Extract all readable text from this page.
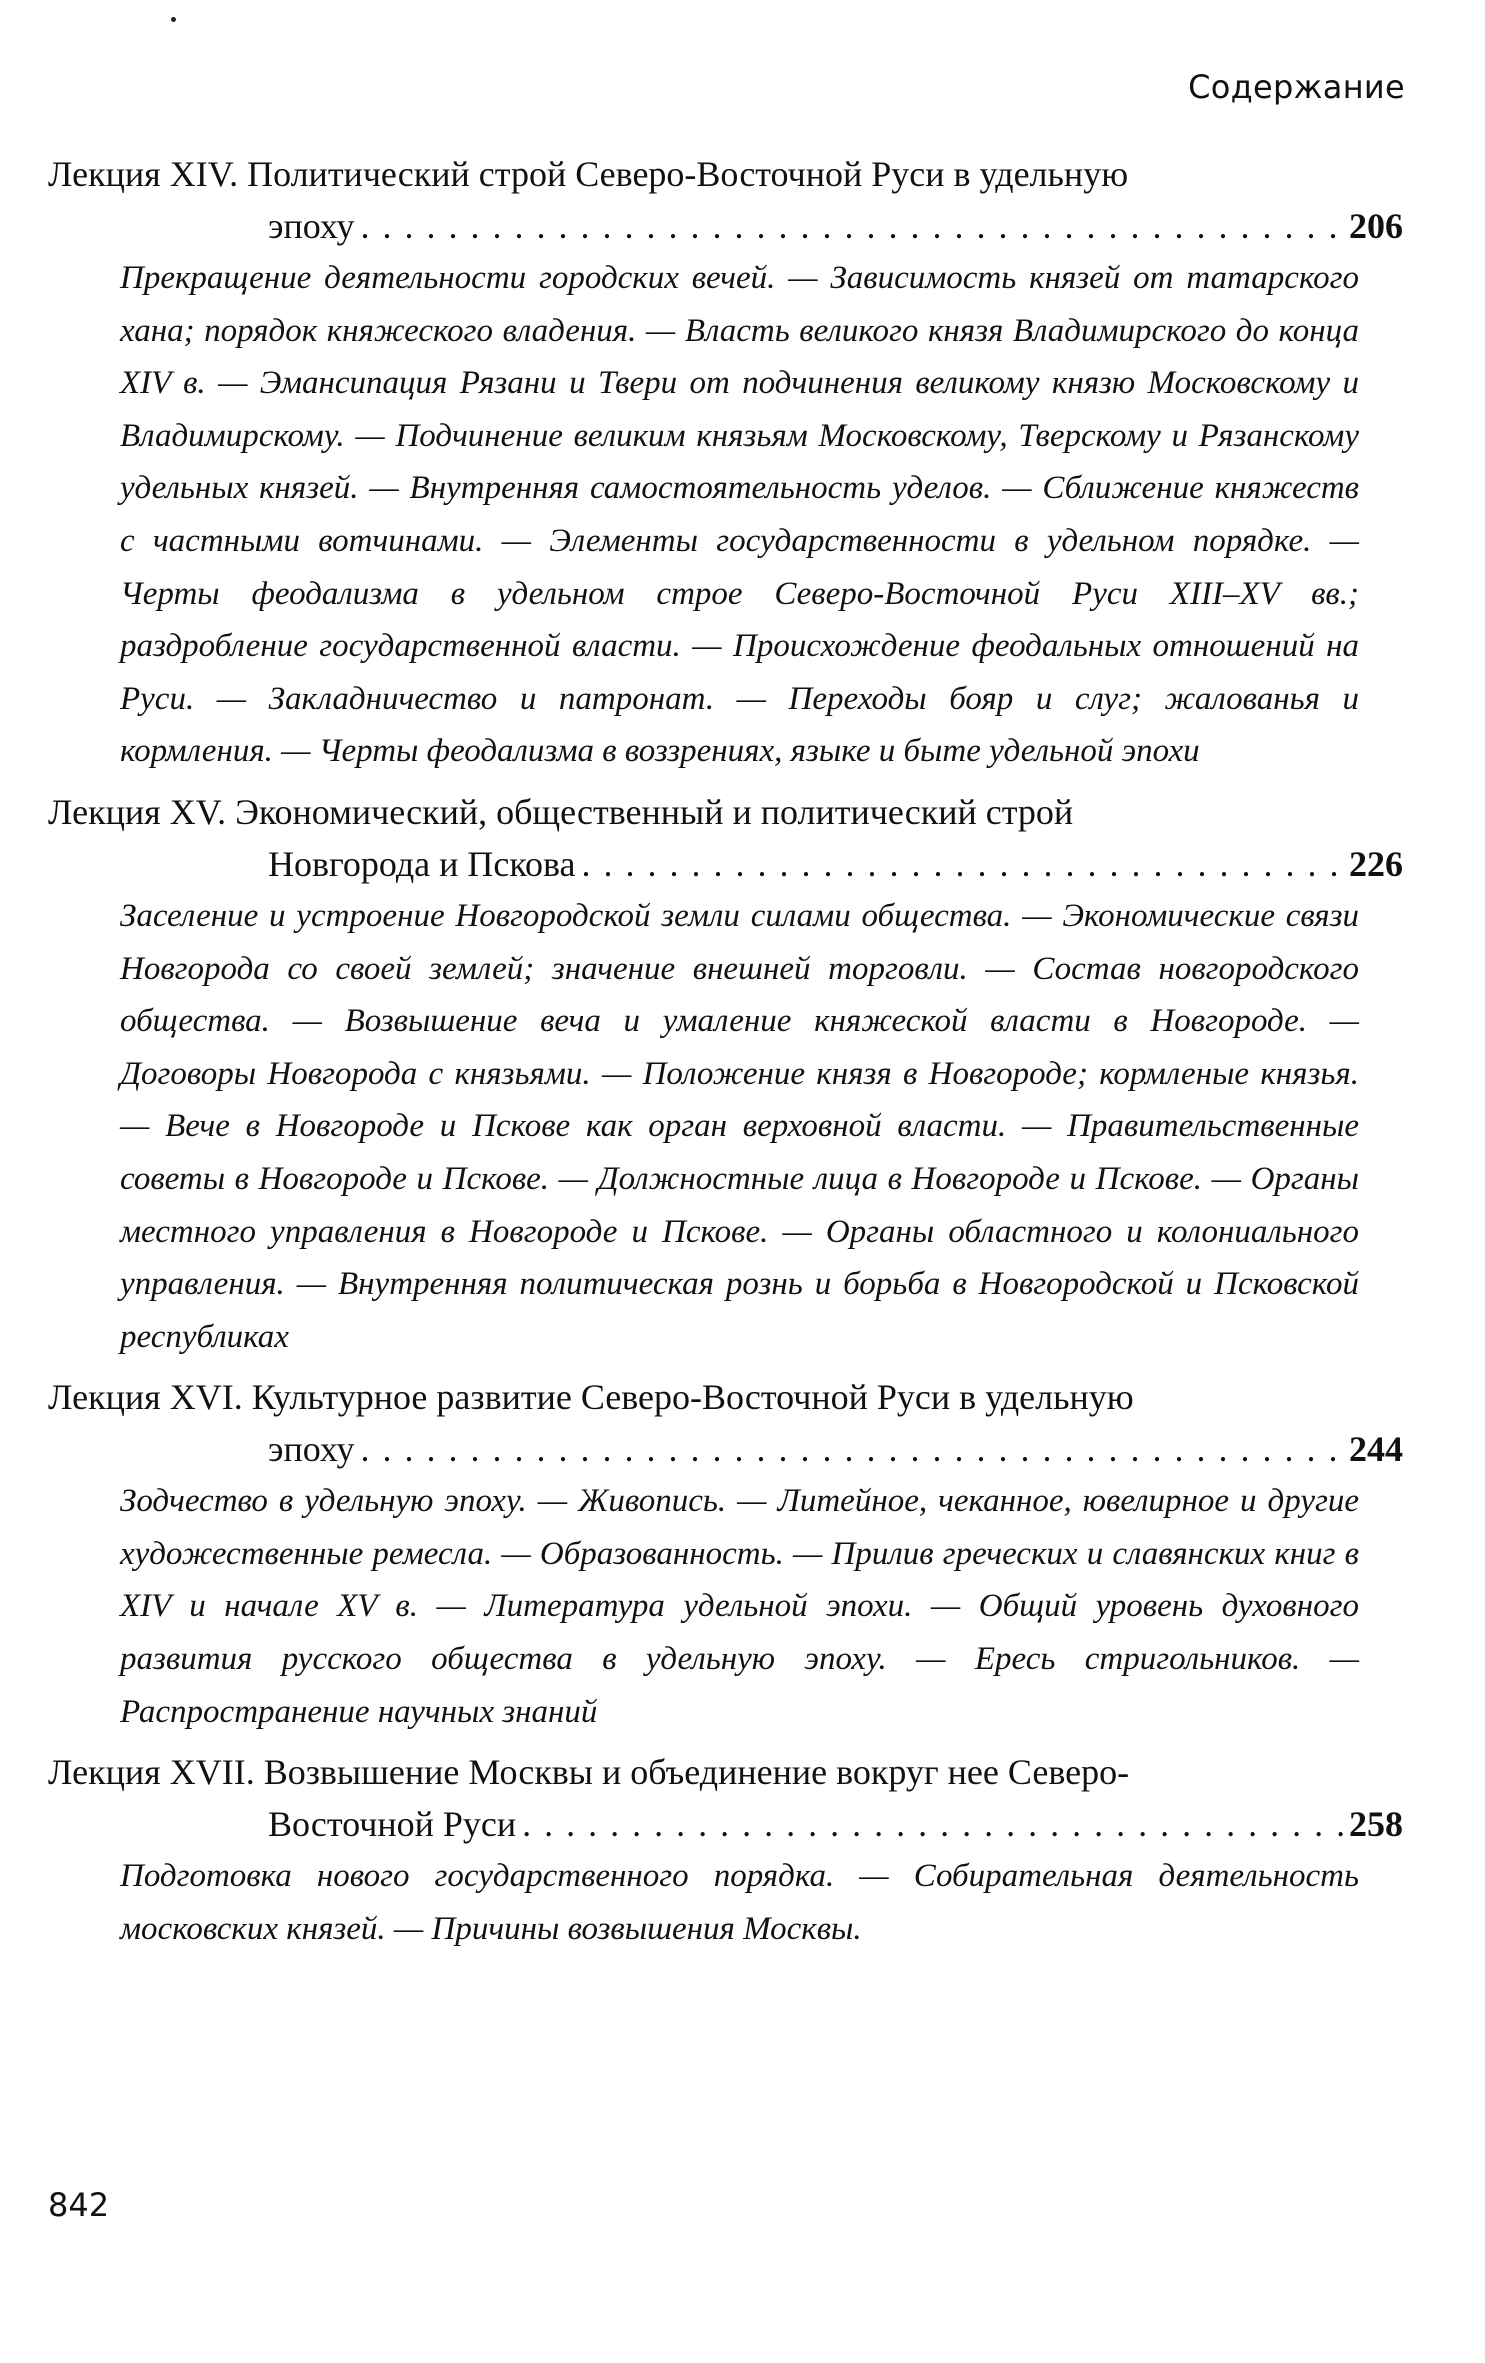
Содержание
Лекция XIV. Политический строй Северо-Восточной Руси в удельную
эпоху . . .	206
Прекращение деятельности городских вечей. — Зависимость князей от татарского хана; порядок княжеского владения. — Власть великого князя Владимирского до конца XIV в. — Эмансипация Рязани и Твери от подчинения великому князю Московскому и Владимирскому. — Подчинение великим князьям Московскому, Тверскому и Рязанскому удельных князей. — Внутренняя самостоятельность уделов. — Сближение княжеств с частными вотчинами. — Элементы государственности в удельном порядке. — Черты феодализма в удельном строе Северо-Восточной Руси XIII–XV вв.; раздробление государственной власти. — Происхождение феодальных отношений на Руси. — Закладничество и патронат. — Переходы бояр и слуг; жалованья и кормления. — Черты феодализма в воззрениях, языке и быте удельной эпохи
Лекция XV. Экономический, общественный и политический строй
Новгорода и Пскова . . .	226
Заселение и устроение Новгородской земли силами общества. — Экономические связи Новгорода со своей землей; значение внешней торговли. — Состав новгородского общества. — Возвышение веча и умаление княжеской власти в Новгороде. — Договоры Новгорода с князьями. — Положение князя в Новгороде; кормленые князья. — Вече в Новгороде и Пскове как орган верховной власти. — Правительственные советы в Новгороде и Пскове. — Должностные лица в Новгороде и Пскове. — Органы местного управления в Новгороде и Пскове. — Органы областного и колониального управления. — Внутренняя политическая рознь и борьба в Новгородской и Псковской республиках
Лекция XVI. Культурное развитие Северо-Восточной Руси в удельную
эпоху . . .	244
Зодчество в удельную эпоху. — Живопись. — Литейное, чеканное, ювелирное и другие художественные ремесла. — Образованность. — Прилив греческих и славянских книг в XIV и начале XV в. — Литература удельной эпохи. — Общий уровень духовного развития русского общества в удельную эпоху. — Ересь стригольников. — Распространение научных знаний
Лекция XVII. Возвышение Москвы и объединение вокруг нее Северо-
Восточной Руси . . .	258
Подготовка нового государственного порядка. — Собирательная деятельность московских князей. — Причины возвышения Москвы.
842
